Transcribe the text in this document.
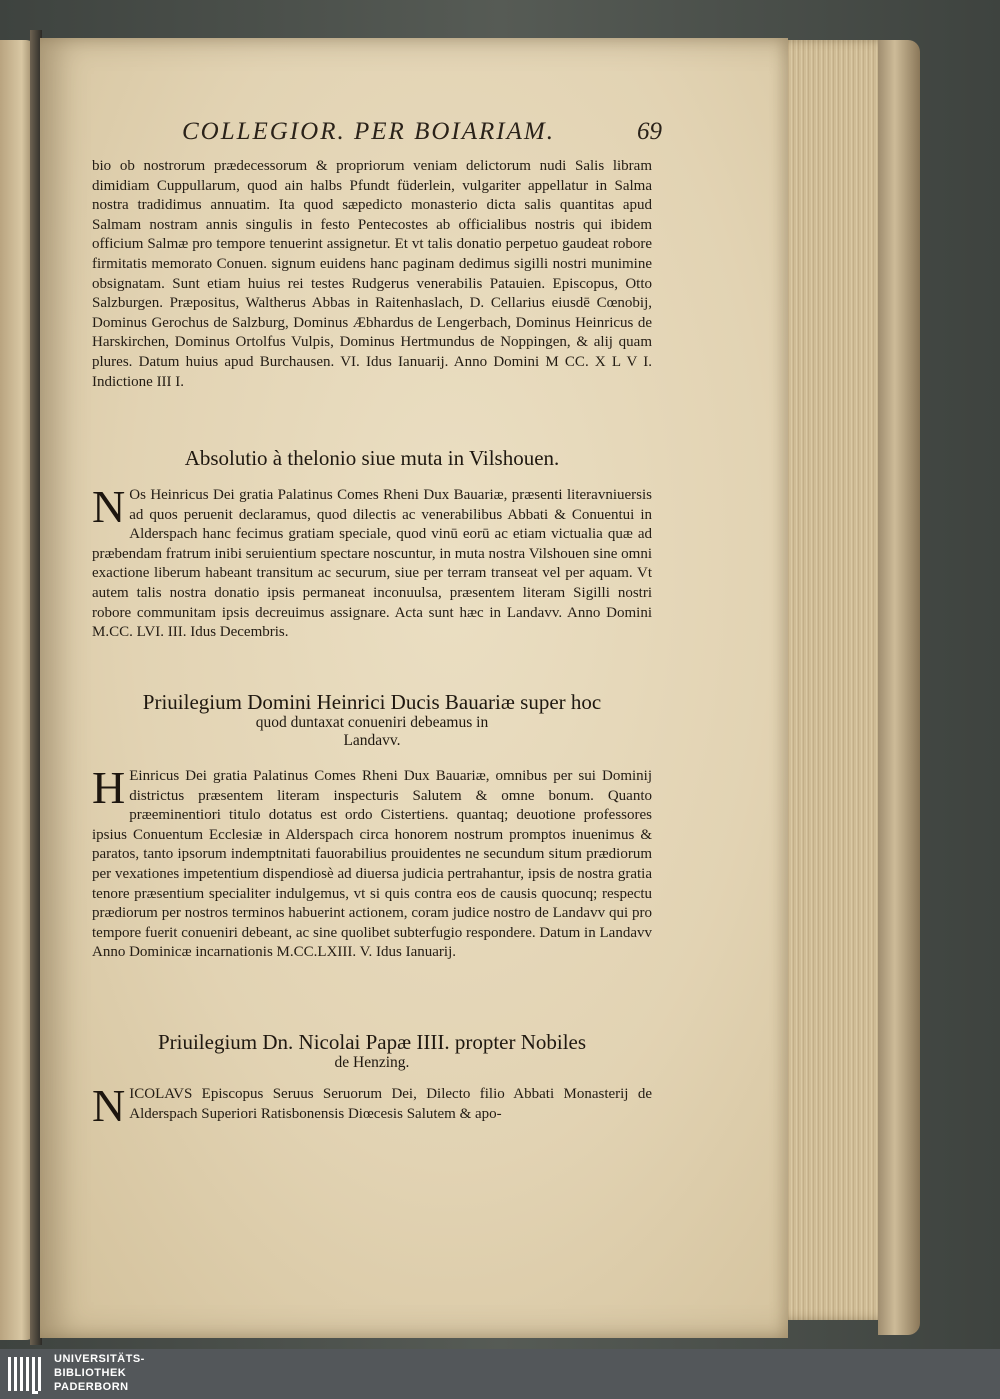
COLLEGIOR. PER BOIARIAM.	69

bio ob nostrorum prædecessorum & propriorum veniam delictorum nudi Salis libram dimidiam Cuppullarum, quod ain halbs Pfundt füderlein, vulgariter appellatur in Salma nostra tradidimus annuatim. Ita quod sæpedicto monasterio dicta salis quantitas apud Salmam nostram annis singulis in festo Pentecostes ab officialibus nostris qui ibidem officium Salmæ pro tempore tenuerint assignetur. Et vt talis donatio perpetuo gaudeat robore firmitatis memorato Conuen. signum euidens hanc paginam dedimus sigilli nostri munimine obsignatam. Sunt etiam huius rei testes Rudgerus venerabilis Patauien. Episcopus, Otto Salzburgen. Præpositus, Waltherus Abbas in Raitenhaslach, D. Cellarius eiusdē Cœnobij, Dominus Gerochus de Salzburg, Dominus Æbhardus de Lengerbach, Dominus Heinricus de Harskirchen, Dominus Ortolfus Vulpis, Dominus Hertmundus de Noppingen, & alij quam plures. Datum huius apud Burchausen. VI. Idus Ianuarij. Anno Domini M CC. X L V I. Indictione III I.

Absolutio à thelonio siue muta in Vilshouen.

N Os Heinricus Dei gratia Palatinus Comes Rheni Dux Bauariæ, præsenti literavniuersis ad quos peruenit declaramus, quod dilectis ac venerabilibus Abbati & Conuentui in Alderspach hanc fecimus gratiam speciale, quod vinū eorū ac etiam victualia quæ ad præbendam fratrum inibi seruientium spectare noscuntur, in muta nostra Vilshouen sine omni exactione liberum habeant transitum ac securum, siue per terram transeat vel per aquam. Vt autem talis nostra donatio ipsis permaneat inconuulsa, præsentem literam Sigilli nostri robore communitam ipsis decreuimus assignare. Acta sunt hæc in Landavv. Anno Domini M.CC. LVI. III. Idus Decembris.

Priuilegium Domini Heinrici Ducis Bauariæ super hoc
quod duntaxat conueniri debeamus in
Landavv.

H Einricus Dei gratia Palatinus Comes Rheni Dux Bauariæ, omnibus per sui Dominij districtus præsentem literam inspecturis Salutem & omne bonum. Quanto præeminentiori titulo dotatus est ordo Cistertiens. quantaq; deuotione professores ipsius Conuentum Ecclesiæ in Alderspach circa honorem nostrum promptos inuenimus & paratos, tanto ipsorum indemptnitati fauorabilius prouidentes ne secundum situm prædiorum per vexationes impetentium dispendiosè ad diuersa judicia pertrahantur, ipsis de nostra gratia tenore præsentium specialiter indulgemus, vt si quis contra eos de causis quocunq; respectu prædiorum per nostros terminos habuerint actionem, coram judice nostro de Landavv qui pro tempore fuerit conueniri debeant, ac sine quolibet subterfugio respondere. Datum in Landavv Anno Dominicæ incarnationis M.CC.LXIII. V. Idus Ianuarij.

Priuilegium Dn. Nicolai Papæ IIII. propter Nobiles
de Henzing.

N ICOLAVS Episcopus Seruus Seruorum Dei, Dilecto filio Abbati Monasterij de Alderspach Superiori Ratisbonensis Diœcesis Salutem & apo-

UNIVERSITÄTS-
BIBLIOTHEK
PADERBORN
